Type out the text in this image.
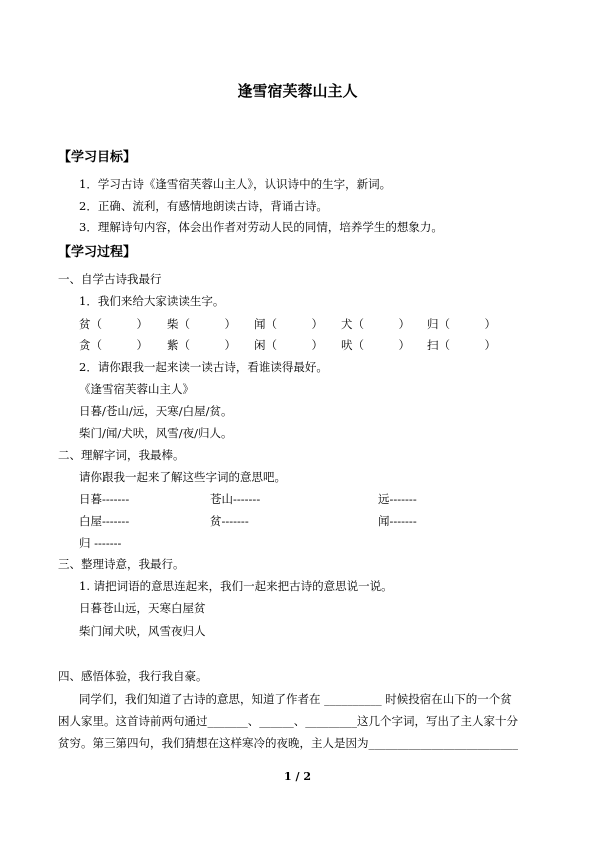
逢雪宿芙蓉山主人
【学习目标】
1．学习古诗《逢雪宿芙蓉山主人》，认识诗中的生字，新词。
2．正确、流利，有感情地朗读古诗，背诵古诗。
3．理解诗句内容，体会出作者对劳动人民的同情，培养学生的想象力。
【学习过程】
一、自学古诗我最行
1．我们来给大家读读生字。
贫（　　　） 柴（　　　） 闻（　　　） 犬（　　　） 归（　　　）
贪（　　　） 紫（　　　） 闲（　　　） 吠（　　　） 扫（　　　）
2．请你跟我一起来读一读古诗，看谁读得最好。
《逢雪宿芙蓉山主人》
日暮/苍山/远，天寒/白屋/贫。
柴门/闻/犬吠，风雪/夜/归人。
二、理解字词，我最棒。
请你跟我一起来了解这些字词的意思吧。
日暮-------	苍山-------	远-------
白屋-------	贫-------	闻-------
归 -------
三、整理诗意，我最行。
1. 请把词语的意思连起来，我们一起来把古诗的意思说一说。
日暮苍山远，天寒白屋贫
柴门闻犬吠，风雪夜归人
四、感悟体验，我行我自豪。
同学们，我们知道了古诗的意思，知道了作者在 __________ 时候投宿在山下的一个贫
困人家里。这首诗前两句通过_______、______、_________这几个字词，写出了主人家十分
贫穷。第三第四句，我们猜想在这样寒冷的夜晚，主人是因为__________________________
1 / 2
